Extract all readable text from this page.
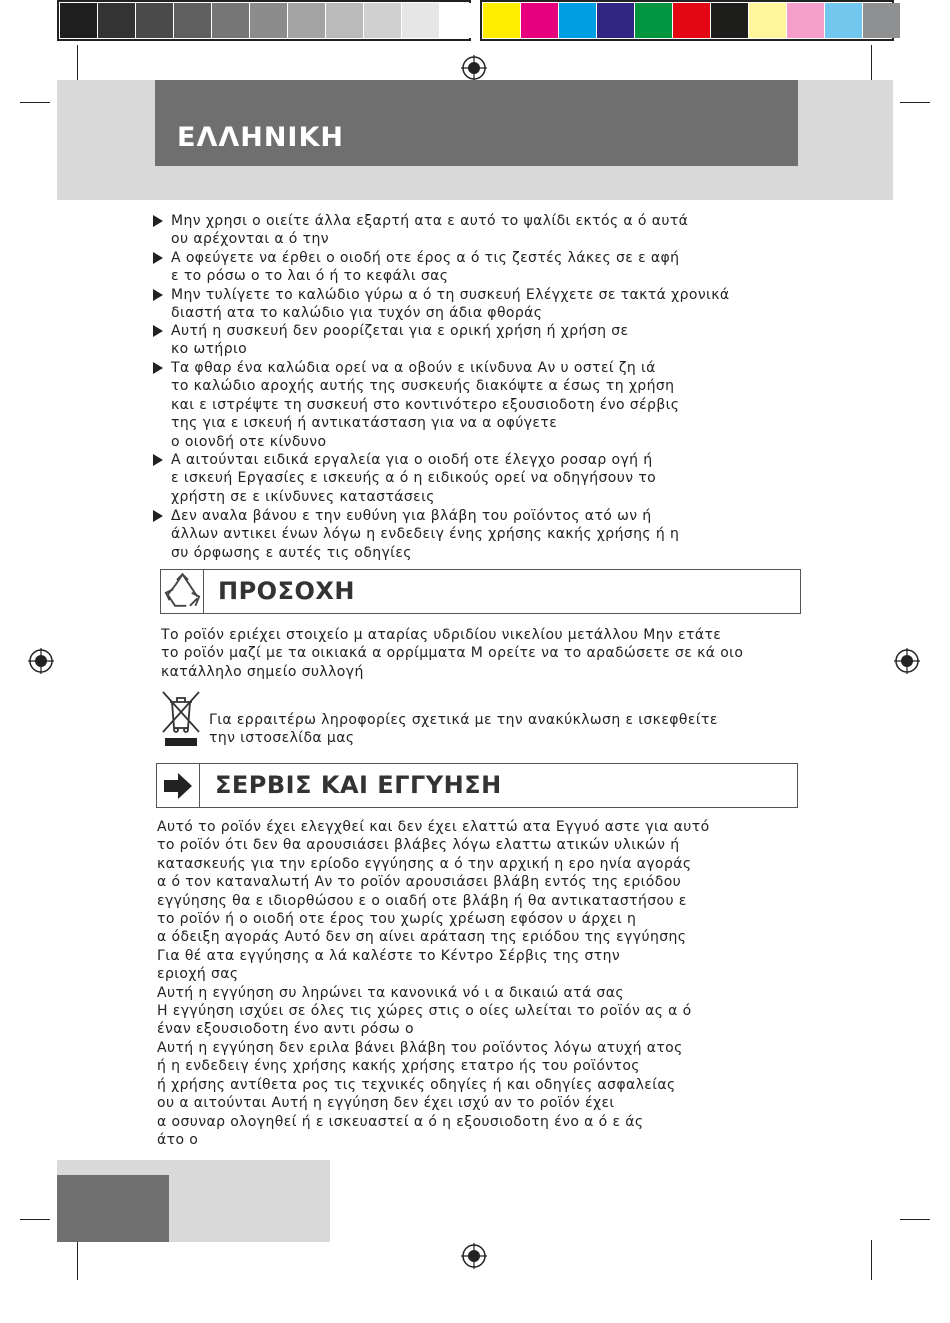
ΕΛΛΗΝΙΚΗ
Μην χρησι ο οιείτε άλλα εξαρτή ατα ε αυτό το ψαλίδι εκτός α ό αυτά
ου αρέχονται α ό την
Α οφεύγετε να έρθει ο οιοδή οτε έρος α ό τις ζεστές λάκες σε ε αφή
ε το ρόσω ο το λαι ό ή το κεφάλι σας
Μην τυλίγετε το καλώδιο γύρω α ό τη συσκευή Ελέγχετε σε τακτά χρονικά
διαστή ατα το καλώδιο για τυχόν ση άδια φθοράς
Αυτή η συσκευή δεν ροορίζεται για ε ορική χρήση ή χρήση σε
κο ωτήριο
Τα φθαρ ένα καλώδια ορεί να α οβούν ε ικίνδυνα Αν υ οστεί ζη ιά
το καλώδιο αροχής αυτής της συσκευής διακόψτε α έσως τη χρήση
και ε ιστρέψτε τη συσκευή στο κοντινότερο εξουσιοδοτη ένο σέρβις
της για ε ισκευή ή αντικατάσταση για να α οφύγετε
ο οιονδή οτε κίνδυνο
Α αιτούνται ειδικά εργαλεία για ο οιοδή οτε έλεγχο ροσαρ ογή ή
ε ισκευή Εργασίες ε ισκευής α ό η ειδικούς ορεί να οδηγήσουν το
χρήστη σε ε ικίνδυνες καταστάσεις
Δεν αναλα βάνου ε την ευθύνη για βλάβη του ροϊόντος ατό ων ή
άλλων αντικει ένων λόγω η ενδεδειγ ένης χρήσης κακής χρήσης ή η
συ όρφωσης ε αυτές τις οδηγίες
ΠΡΟΣΟΧΗ
Το ροϊόν εριέχει στοιχείο μ αταρίας υδριδίου νικελίου μετάλλου Μην ετάτε
το ροϊόν μαζί με τα οικιακά α ορρίμματα Μ ορείτε να το αραδώσετε σε κά οιο
κατάλληλο σημείο συλλογή
Για ερραιτέρω ληροφορίες σχετικά με την ανακύκλωση ε ισκεφθείτε
την ιστοσελίδα μας
ΣΕΡΒΙΣ ΚΑΙ ΕΓΓΥΗΣΗ
Αυτό το ροϊόν έχει ελεγχθεί και δεν έχει ελαττώ ατα Εγγυό αστε για αυτό
το ροϊόν ότι δεν θα αρουσιάσει βλάβες λόγω ελαττω ατικών υλικών ή
κατασκευής για την ερίοδο εγγύησης α ό την αρχική η ερο ηνία αγοράς
α ό τον καταναλωτή Αν το ροϊόν αρουσιάσει βλάβη εντός της εριόδου
εγγύησης θα ε ιδιορθώσου ε ο οιαδή οτε βλάβη ή θα αντικαταστήσου ε
το ροϊόν ή ο οιοδή οτε έρος του χωρίς χρέωση εφόσον υ άρχει η
α όδειξη αγοράς Αυτό δεν ση αίνει αράταση της εριόδου της εγγύησης
Για θέ ατα εγγύησης α λά καλέστε το Κέντρο Σέρβις της στην
εριοχή σας
Αυτή η εγγύηση συ ληρώνει τα κανονικά νό ι α δικαιώ ατά σας
Η εγγύηση ισχύει σε όλες τις χώρες στις ο οίες ωλείται το ροϊόν ας α ό
έναν εξουσιοδοτη ένο αντι ρόσω ο
Αυτή η εγγύηση δεν εριλα βάνει βλάβη του ροϊόντος λόγω ατυχή ατος
ή η ενδεδειγ ένης χρήσης κακής χρήσης ετατρο ής του ροϊόντος
ή χρήσης αντίθετα ρος τις τεχνικές οδηγίες ή και οδηγίες ασφαλείας
ου α αιτούνται Αυτή η εγγύηση δεν έχει ισχύ αν το ροϊόν έχει
α οσυναρ ολογηθεί ή ε ισκευαστεί α ό η εξουσιοδοτη ένο α ό ε άς
άτο ο
